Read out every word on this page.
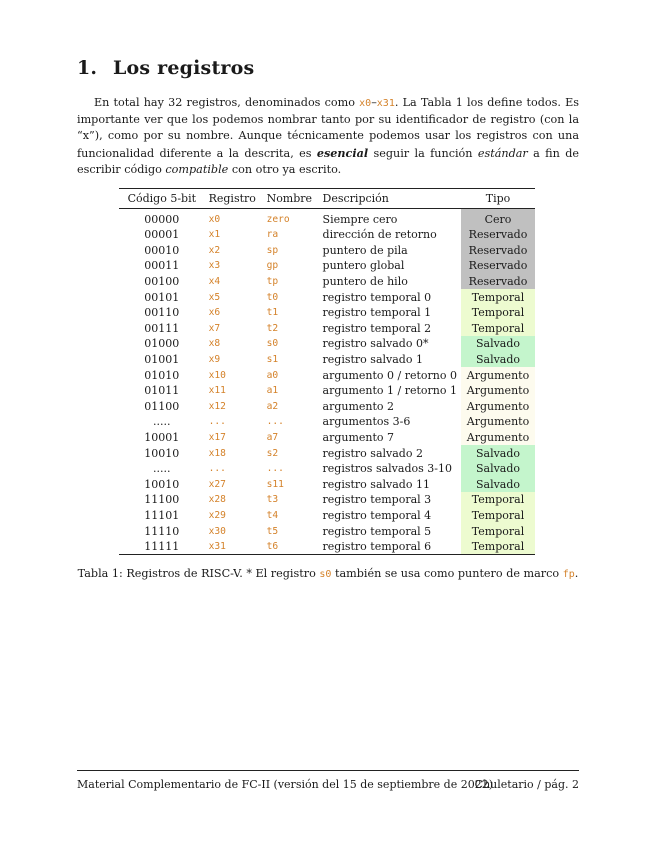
1. Los registros

En total hay 32 registros, denominados como x0–x31. La Tabla 1 los define todos. Es importante ver que los podemos nombrar tanto por su identificador de registro (con la “x”), como por su nombre. Aunque técnicamente podemos usar los registros con una funcionalidad diferente a la descrita, es esencial seguir la función estándar a fin de escribir código compatible con otro ya escrito.

Código 5-bit	Registro	Nombre	Descripción	Tipo
00000	x0	zero	Siempre cero	Cero
00001	x1	ra	dirección de retorno	Reservado
00010	x2	sp	puntero de pila	Reservado
00011	x3	gp	puntero global	Reservado
00100	x4	tp	puntero de hilo	Reservado
00101	x5	t0	registro temporal 0	Temporal
00110	x6	t1	registro temporal 1	Temporal
00111	x7	t2	registro temporal 2	Temporal
01000	x8	s0	registro salvado 0*	Salvado
01001	x9	s1	registro salvado 1	Salvado
01010	x10	a0	argumento 0 / retorno 0	Argumento
01011	x11	a1	argumento 1 / retorno 1	Argumento
01100	x12	a2	argumento 2	Argumento
.....	...	...	argumentos 3-6	Argumento
10001	x17	a7	argumento 7	Argumento
10010	x18	s2	registro salvado 2	Salvado
.....	...	...	registros salvados 3-10	Salvado
10010	x27	s11	registro salvado 11	Salvado
11100	x28	t3	registro temporal 3	Temporal
11101	x29	t4	registro temporal 4	Temporal
11110	x30	t5	registro temporal 5	Temporal
11111	x31	t6	registro temporal 6	Temporal

Tabla 1: Registros de RISC-V. * El registro s0 también se usa como puntero de marco fp.

Material Complementario de FC-II (versión del 15 de septiembre de 2022)
Chuletario / pág. 2
